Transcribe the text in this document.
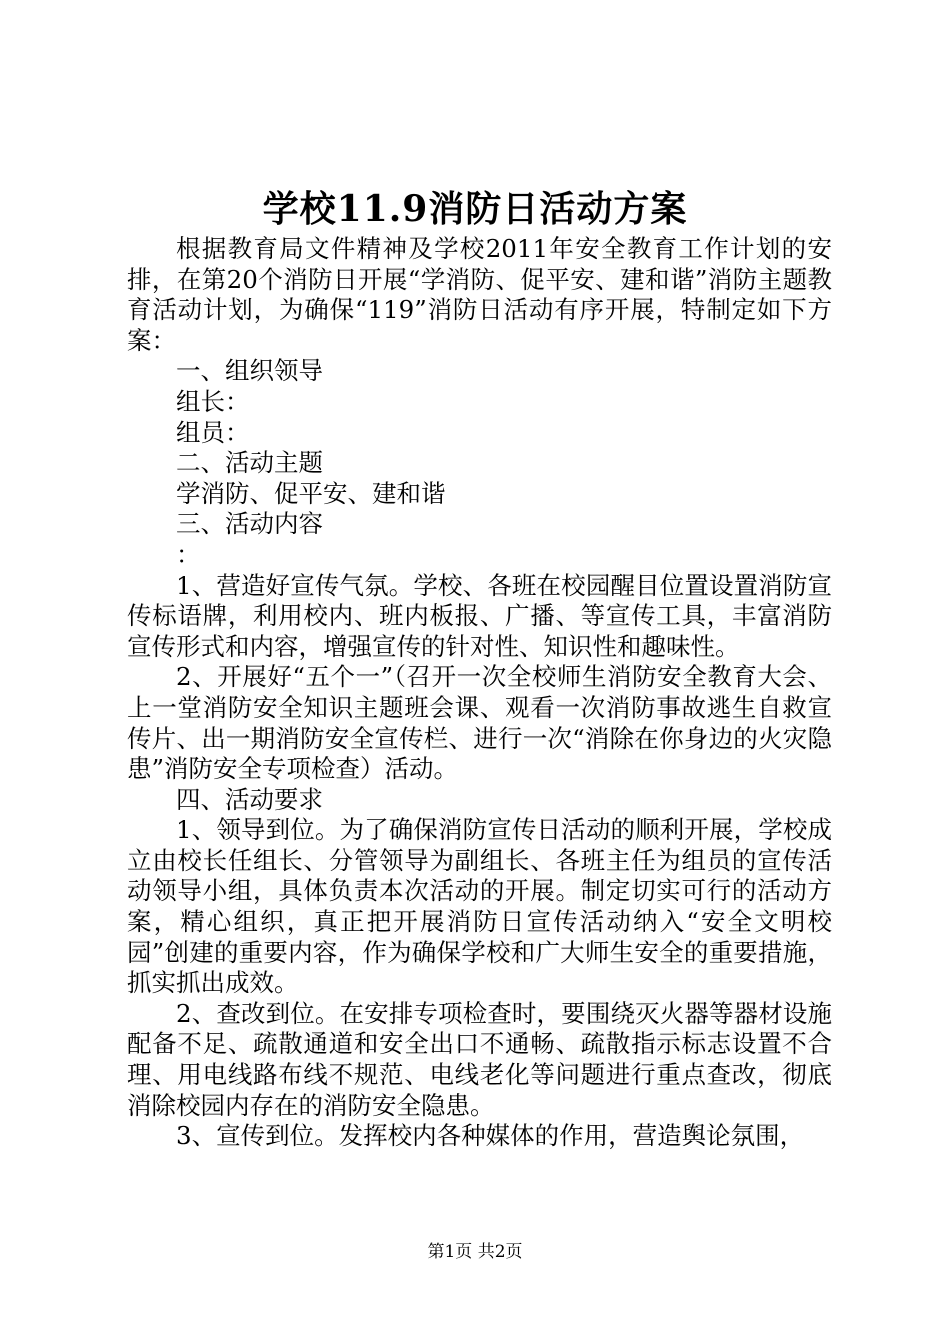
学校11.9消防日活动方案

根据教育局文件精神及学校2011年安全教育工作计划的安排，在第20个消防日开展“学消防、促平安、建和谐”消防主题教育活动计划，为确保“119”消防日活动有序开展，特制定如下方案：

一、组织领导

组长：

组员：

二、活动主题

学消防、促平安、建和谐

三、活动内容

：

1、营造好宣传气氛。学校、各班在校园醒目位置设置消防宣传标语牌，利用校内、班内板报、广播、等宣传工具，丰富消防宣传形式和内容，增强宣传的针对性、知识性和趣味性。

2、开展好“五个一”（召开一次全校师生消防安全教育大会、上一堂消防安全知识主题班会课、观看一次消防事故逃生自救宣传片、出一期消防安全宣传栏、进行一次“消除在你身边的火灾隐患”消防安全专项检查）活动。

四、活动要求

1、领导到位。为了确保消防宣传日活动的顺利开展，学校成立由校长任组长、分管领导为副组长、各班主任为组员的宣传活动领导小组，具体负责本次活动的开展。制定切实可行的活动方案，精心组织，真正把开展消防日宣传活动纳入“安全文明校园”创建的重要内容，作为确保学校和广大师生安全的重要措施，抓实抓出成效。

2、查改到位。在安排专项检查时，要围绕灭火器等器材设施配备不足、疏散通道和安全出口不通畅、疏散指示标志设置不合理、用电线路布线不规范、电线老化等问题进行重点查改，彻底消除校园内存在的消防安全隐患。

3、宣传到位。发挥校内各种媒体的作用，营造舆论氛围，

第1页 共2页
